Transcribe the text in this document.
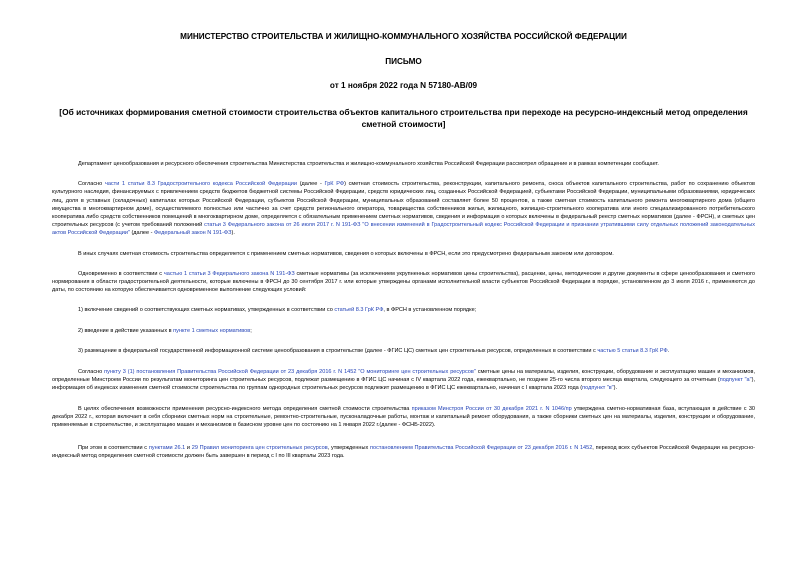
МИНИСТЕРСТВО СТРОИТЕЛЬСТВА И ЖИЛИЩНО-КОММУНАЛЬНОГО ХОЗЯЙСТВА РОССИЙСКОЙ ФЕДЕРАЦИИ

ПИСЬМО

от 1 ноября 2022 года N 57180-АВ/09

[Об источниках формирования сметной стоимости строительства объектов капитального строительства при переходе на ресурсно-индексный метод определения сметной стоимости]

Департамент ценообразования и ресурсного обеспечения строительства Министерства строительства и жилищно-коммунального хозяйства Российской Федерации рассмотрел обращение и в рамках компетенции сообщает.

Согласно части 1 статьи 8.3 Градостроительного кодекса Российской Федерации (далее - ГрК РФ) сметная стоимость строительства, реконструкции, капитального ремонта, сноса объектов капитального строительства, работ по сохранению объектов культурного наследия, финансируемых с привлечением средств бюджетов бюджетной системы Российской Федерации, средств юридических лиц, созданных Российской Федерацией, субъектами Российской Федерации, муниципальными образованиями, юридических лиц, доля в уставных (складочных) капиталах которых Российской Федерации, субъектов Российской Федерации, муниципальных образований составляет более 50 процентов, а также сметная стоимость капитального ремонта многоквартирного дома (общего имущества в многоквартирном доме), осуществляемого полностью или частично за счет средств регионального оператора, товарищества собственников жилья, жилищного, жилищно-строительного кооператива или иного специализированного потребительского кооператива либо средств собственников помещений в многоквартирном доме, определяется с обязательным применением сметных нормативов, сведения и информация о которых включены в федеральный реестр сметных нормативов (далее - ФРСН), и сметных цен строительных ресурсов (с учетом требований положений статьи 3 Федерального закона от 26 июля 2017 г. N 191-ФЗ "О внесении изменений в Градостроительный кодекс Российской Федерации и признании утратившими силу отдельных положений законодательных актов Российской Федерации" (далее - Федеральный закон N 191-ФЗ).

В иных случаях сметная стоимость строительства определяется с применением сметных нормативов, сведения о которых включены в ФРСН, если это предусмотрено федеральным законом или договором.

Одновременно в соответствии с частью 1 статьи 3 Федерального закона N 191-ФЗ сметные нормативы (за исключением укрупненных нормативов цены строительства), расценки, цены, методические и другие документы в сфере ценообразования и сметного нормирования в области градостроительной деятельности, которые включены в ФРСН до 30 сентября 2017 г. или которые утверждены органами исполнительной власти субъектов Российской Федерации в порядке, установленном до 3 июля 2016 г., применяются до даты, по состоянию на которую обеспечивается одновременное выполнение следующих условий:

1) включение сведений о соответствующих сметных нормативах, утвержденных в соответствии со статьей 8.3 ГрК РФ, в ФРСН в установленном порядке;

2) введение в действие указанных в пункте 1 сметных нормативов;

3) размещение в федеральной государственной информационной системе ценообразования в строительстве (далее - ФГИС ЦС) сметных цен строительных ресурсов, определенных в соответствии с частью 5 статьи 8.3 ГрК РФ.

Согласно пункту 3 (1) постановления Правительства Российской Федерации от 23 декабря 2016 г. N 1452 "О мониторинге цен строительных ресурсов" сметные цены на материалы, изделия, конструкции, оборудование и эксплуатацию машин и механизмов, определенные Минстроем России по результатам мониторинга цен строительных ресурсов, подлежат размещению в ФГИС ЦС начиная с IV квартала 2022 года, ежеквартально, не позднее 25-го числа второго месяца квартала, следующего за отчетным (подпункт "а"), информация об индексах изменения сметной стоимости строительства по группам однородных строительных ресурсов подлежит размещению в ФГИС ЦС ежеквартально, начиная с I квартала 2023 года (подпункт "в").

В целях обеспечения возможности применения ресурсно-индексного метода определения сметной стоимости строительства приказом Минстроя России от 30 декабря 2021 г. N 1046/пр утверждена сметно-нормативная база, вступающая в действие с 30 декабря 2022 г., которая включает в себя сборники сметных норм на строительные, ремонтно-строительные, пусконаладочные работы, монтаж и капитальный ремонт оборудования, а также сборники сметных цен на материалы, изделия, конструкции и оборудование, применяемые в строительстве, и эксплуатацию машин и механизмов в базисном уровне цен по состоянию на 1 января 2022 г.(далее - ФСНБ-2022).

При этом в соответствии с пунктами 26.1 и 29 Правил мониторинга цен строительных ресурсов, утвержденных постановлением Правительства Российской Федерации от 23 декабря 2016 г. N 1452, переход всех субъектов Российской Федерации на ресурсно-индексный метод определения сметной стоимости должен быть завершен в период с I по III кварталы 2023 года.
